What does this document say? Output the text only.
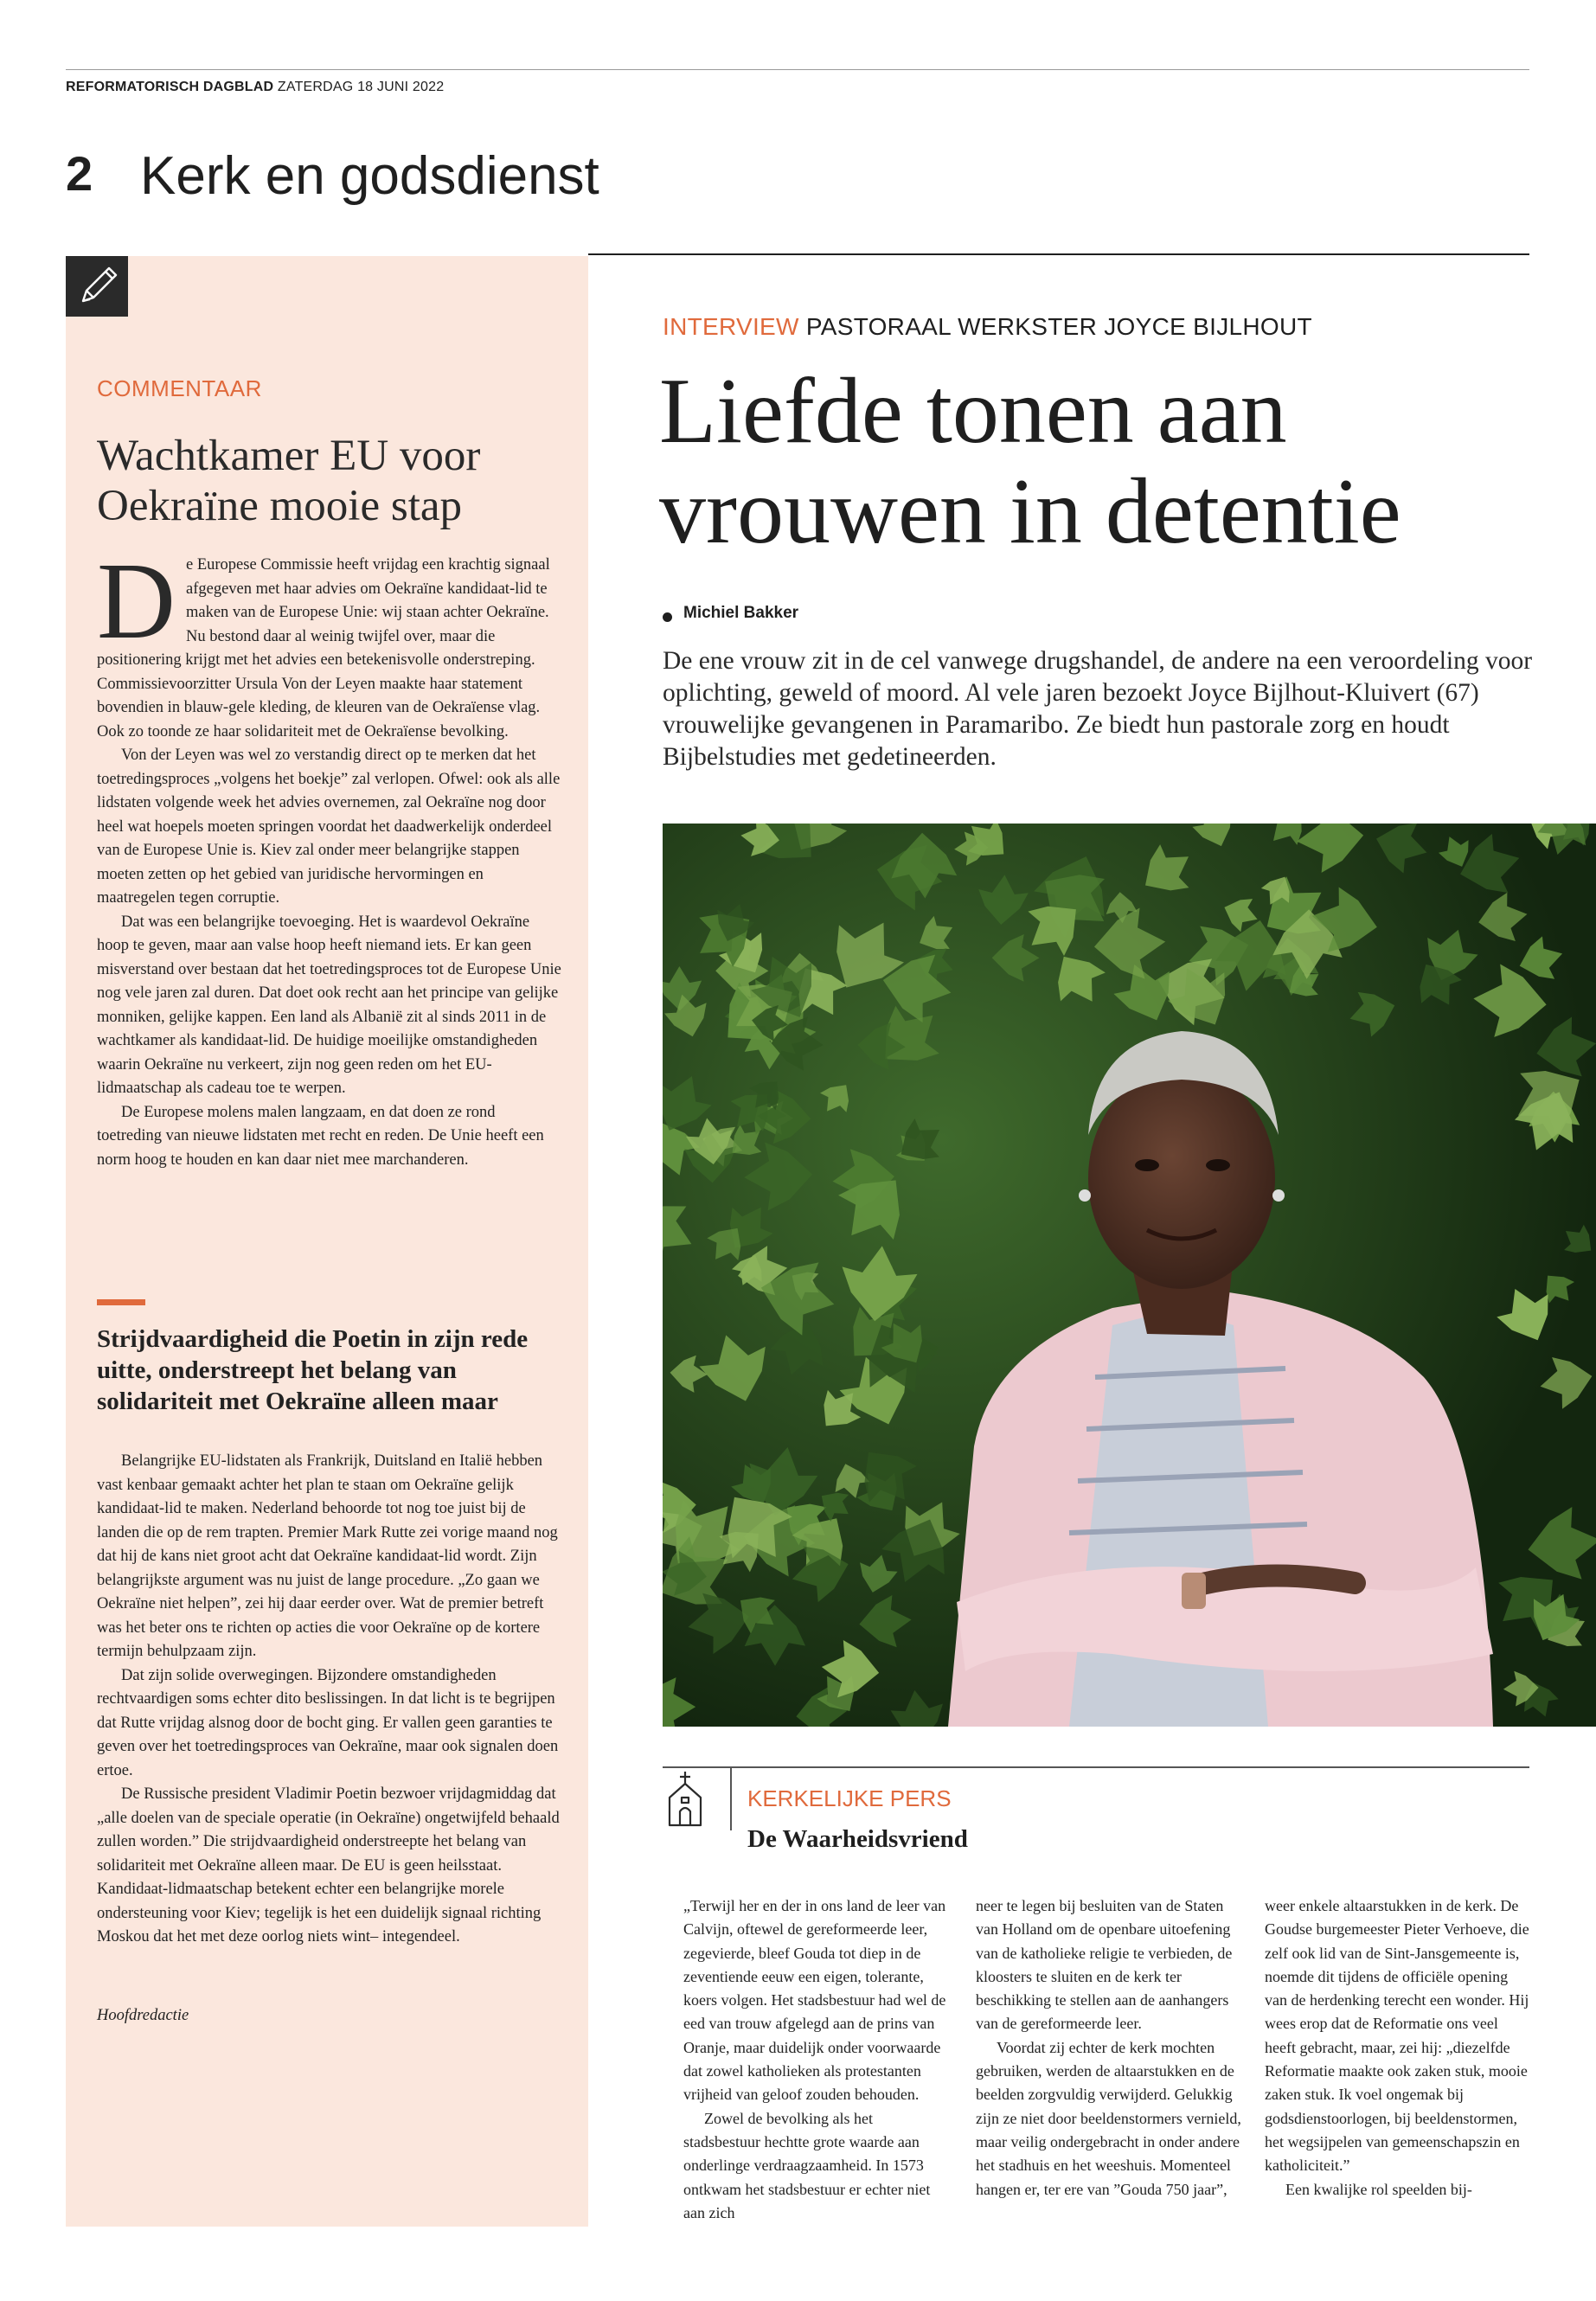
REFORMATORISCH DAGBLAD ZATERDAG 18 JUNI 2022
2 Kerk en godsdienst
COMMENTAAR
Wachtkamer EU voor Oekraïne mooie stap

De Europese Commissie heeft vrijdag een krachtig signaal afgegeven met haar advies om Oekraïne kandidaat-lid te maken van de Europese Unie: wij staan achter Oekraïne. Nu bestond daar al weinig twijfel over, maar die positionering krijgt met het advies een betekenisvolle onderstreping. Commissievoorzitter Ursula Von der Leyen maakte haar statement bovendien in blauw-gele kleding, de kleuren van de Oekraïense vlag. Ook zo toonde ze haar solidariteit met de Oekraïense bevolking.

Von der Leyen was wel zo verstandig direct op te merken dat het toetredingsproces „volgens het boekje” zal verlopen. Ofwel: ook als alle lidstaten volgende week het advies overnemen, zal Oekraïne nog door heel wat hoepels moeten springen voordat het daadwerkelijk onderdeel van de Europese Unie is. Kiev zal onder meer belangrijke stappen moeten zetten op het gebied van juridische hervormingen en maatregelen tegen corruptie.

Dat was een belangrijke toevoeging. Het is waardevol Oekraïne hoop te geven, maar aan valse hoop heeft niemand iets. Er kan geen misverstand over bestaan dat het toetredingsproces tot de Europese Unie nog vele jaren zal duren. Dat doet ook recht aan het principe van gelijke monniken, gelijke kappen. Een land als Albanië zit al sinds 2011 in de wachtkamer als kandidaat-lid. De huidige moeilijke omstandigheden waarin Oekraïne nu verkeert, zijn nog geen reden om het EU-lidmaatschap als cadeau toe te werpen.

De Europese molens malen langzaam, en dat doen ze rond toetreding van nieuwe lidstaten met recht en reden. De Unie heeft een norm hoog te houden en kan daar niet mee marchanderen.

Strijdvaardigheid die Poetin in zijn rede uitte, onderstreept het belang van solidariteit met Oekraïne alleen maar

Belangrijke EU-lidstaten als Frankrijk, Duitsland en Italië hebben vast kenbaar gemaakt achter het plan te staan om Oekraïne gelijk kandidaat-lid te maken. Nederland behoorde tot nog toe juist bij de landen die op de rem trapten. Premier Mark Rutte zei vorige maand nog dat hij de kans niet groot acht dat Oekraïne kandidaat-lid wordt. Zijn belangrijkste argument was nu juist de lange procedure. „Zo gaan we Oekraïne niet helpen”, zei hij daar eerder over. Wat de premier betreft was het beter ons te richten op acties die voor Oekraïne op de kortere termijn behulpzaam zijn.

Dat zijn solide overwegingen. Bijzondere omstandigheden rechtvaardigen soms echter dito beslissingen. In dat licht is te begrijpen dat Rutte vrijdag alsnog door de bocht ging. Er vallen geen garanties te geven over het toetredingsproces van Oekraïne, maar ook signalen doen ertoe.

De Russische president Vladimir Poetin bezwoer vrijdagmiddag dat „alle doelen van de speciale operatie (in Oekraïne) ongetwijfeld behaald zullen worden.” Die strijdvaardigheid onderstreepte het belang van solidariteit met Oekraïne alleen maar. De EU is geen heilsstaat. Kandidaat-lidmaatschap betekent echter een belangrijke morele ondersteuning voor Kiev; tegelijk is het een duidelijk signaal richting Moskou dat het met deze oorlog niets wint– integendeel.

Hoofdredactie
INTERVIEW PASTORAAL WERKSTER JOYCE BIJLHOUT
Liefde tonen aan vrouwen in detentie
Michiel Bakker
De ene vrouw zit in de cel vanwege drugshandel, de andere na een veroordeling voor oplichting, geweld of moord. Al vele jaren bezoekt Joyce Bijlhout-Kluivert (67) vrouwelijke gevangenen in Paramaribo. Ze biedt hun pastorale zorg en houdt Bijbelstudies met gedetineerden.
KERKELIJKE PERS
De Waarheidsvriend

„Terwijl her en der in ons land de leer van Calvijn, oftewel de gereformeerde leer, zegevierde, bleef Gouda tot diep in de zeventiende eeuw een eigen, tolerante, koers volgen. Het stadsbestuur had wel de eed van trouw afgelegd aan de prins van Oranje, maar duidelijk onder voorwaarde dat zowel katholieken als protestanten vrijheid van geloof zouden behouden.

Zowel de bevolking als het stadsbestuur hechtte grote waarde aan onderlinge verdraagzaamheid. In 1573 ontkwam het stadsbestuur er echter niet aan zich

neer te legen bij besluiten van de Staten van Holland om de openbare uitoefening van de katholieke religie te verbieden, de kloosters te sluiten en de kerk ter beschikking te stellen aan de aanhangers van de gereformeerde leer.

Voordat zij echter de kerk mochten gebruiken, werden de altaarstukken en de beelden zorgvuldig verwijderd. Gelukkig zijn ze niet door beeldenstormers vernield, maar veilig ondergebracht in onder andere het stadhuis en het weeshuis. Momenteel hangen er, ter ere van ”Gouda 750 jaar”,

weer enkele altaarstukken in de kerk. De Goudse burgemeester Pieter Verhoeve, die zelf ook lid van de Sint-Jansgemeente is, noemde dit tijdens de officiële opening van de herdenking terecht een wonder. Hij wees erop dat de Reformatie ons veel heeft gebracht, maar, zei hij: „diezelfde Reformatie maakte ook zaken stuk, mooie zaken stuk. Ik voel ongemak bij godsdienstoorlogen, bij beeldenstormen, het wegsijpelen van gemeenschapszin en katholiciteit.”

Een kwalijke rol speelden bij-
